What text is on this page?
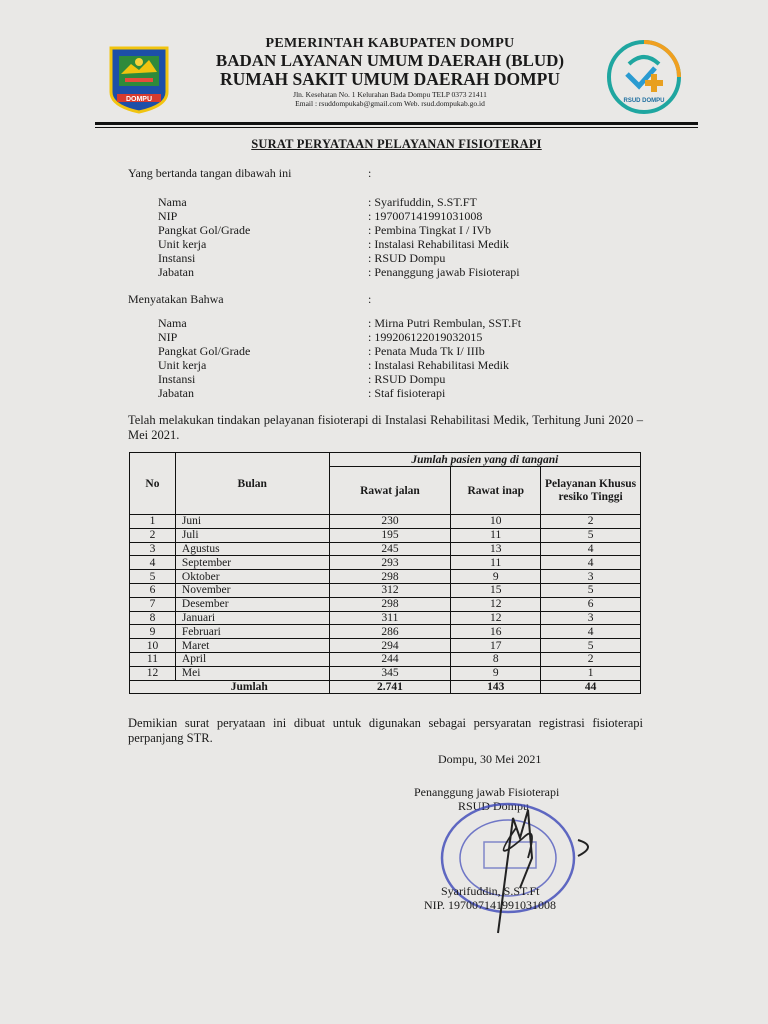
DOMPU
PEMERINTAH KABUPATEN DOMPU
BADAN LAYANAN UMUM DAERAH (BLUD)
RUMAH SAKIT UMUM DAERAH DOMPU
Jln. Kesehatan No. 1 Kelurahan Bada Dompu TELP 0373 21411
Email : rsuddompukab@gmail.com Web. rsud.dompukab.go.id	RSUD DOMPU
SURAT PERYATAAN PELAYANAN FISIOTERAPI
Yang bertanda tangan dibawah ini	:
Nama	: Syarifuddin, S.ST.FT
NIP	: 197007141991031008
Pangkat Gol/Grade	: Pembina Tingkat I / IVb
Unit kerja	: Instalasi Rehabilitasi Medik
Instansi	: RSUD Dompu
Jabatan	: Penanggung jawab Fisioterapi
Menyatakan Bahwa	:
Nama	: Mirna Putri Rembulan, SST.Ft
NIP	: 199206122019032015
Pangkat Gol/Grade	: Penata Muda Tk I/ IIIb
Unit kerja	: Instalasi Rehabilitasi Medik
Instansi	: RSUD Dompu
Jabatan	: Staf fisioterapi
Telah melakukan tindakan pelayanan fisioterapi di Instalasi Rehabilitasi Medik, Terhitung Juni 2020 – Mei 2021.
No	Bulan	Jumlah pasien yang di tangani		
		Rawat jalan	Rawat inap	Pelayanan Khusus resiko Tinggi
1	Juni	230	10	2
2	Juli	195	11	5
3	Agustus	245	13	4
4	September	293	11	4
5	Oktober	298	9	3
6	November	312	15	5
7	Desember	298	12	6
8	Januari	311	12	3
9	Februari	286	16	4
10	Maret	294	17	5
11	April	244	8	2
12	Mei	345	9	1
Jumlah		2.741	143	44
Demikian surat peryataan ini dibuat untuk digunakan sebagai persyaratan registrasi fisioterapi perpanjang STR.
Dompu, 30 Mei 2021
Penanggung jawab Fisioterapi
RSUD Dompu
Syarifuddin, S.ST.Ft
NIP. 197007141991031008
